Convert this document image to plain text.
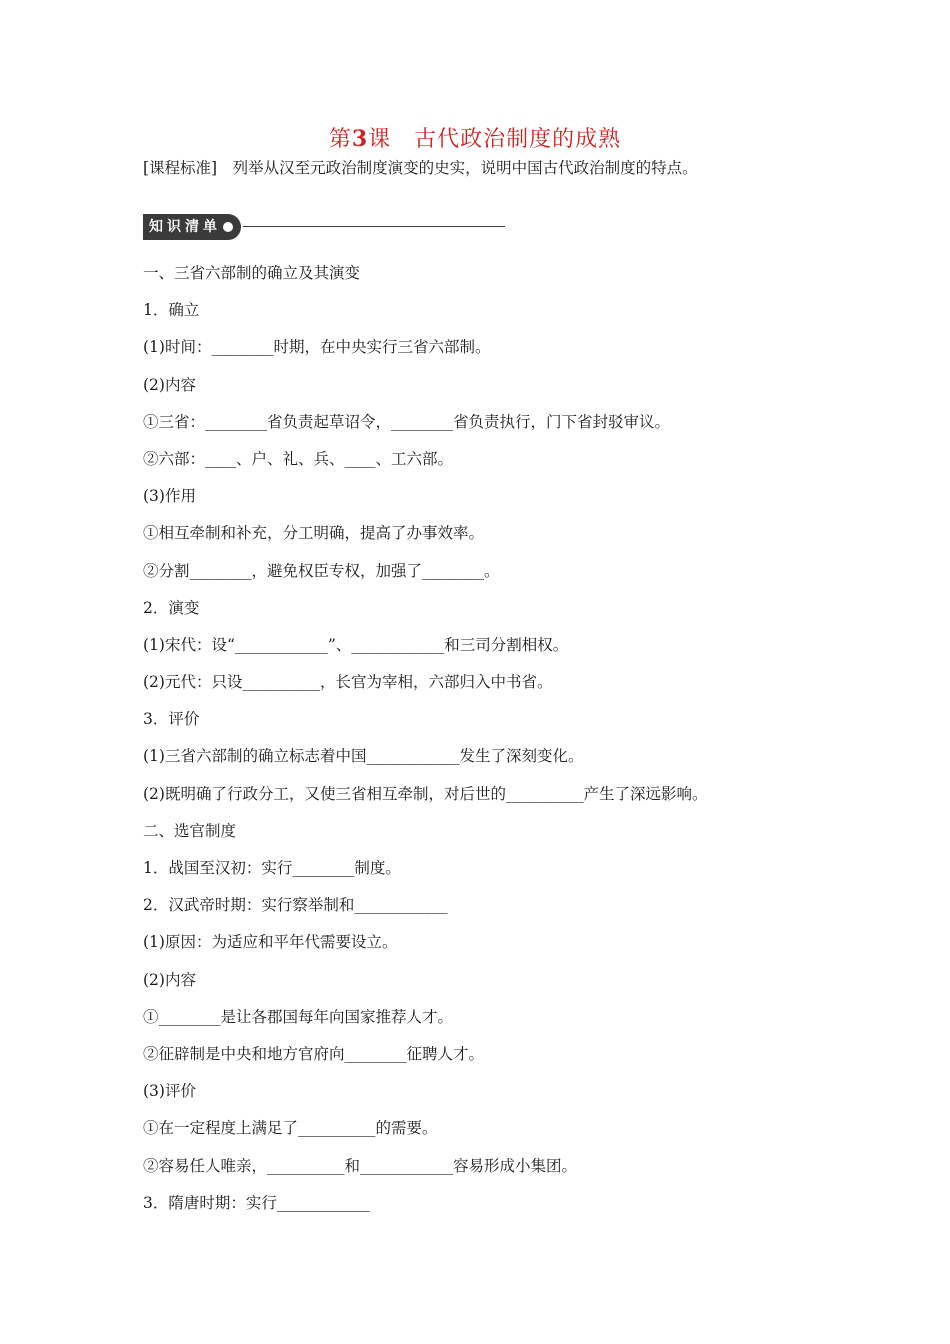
第3课　古代政治制度的成熟
[课程标准]　列举从汉至元政治制度演变的史实，说明中国古代政治制度的特点。
知识清单
一、三省六部制的确立及其演变
1．确立
(1)时间：________时期，在中央实行三省六部制。
(2)内容
①三省：________省负责起草诏令，________省负责执行，门下省封驳审议。
②六部：____、户、礼、兵、____、工六部。
(3)作用
①相互牵制和补充，分工明确，提高了办事效率。
②分割________，避免权臣专权，加强了________。
2．演变
(1)宋代：设“____________”、____________和三司分割相权。
(2)元代：只设__________，长官为宰相，六部归入中书省。
3．评价
(1)三省六部制的确立标志着中国____________发生了深刻变化。
(2)既明确了行政分工，又使三省相互牵制，对后世的__________产生了深远影响。
二、选官制度
1．战国至汉初：实行________制度。
2．汉武帝时期：实行察举制和____________
(1)原因：为适应和平年代需要设立。
(2)内容
①________是让各郡国每年向国家推荐人才。
②征辟制是中央和地方官府向________征聘人才。
(3)评价
①在一定程度上满足了__________的需要。
②容易任人唯亲，__________和____________容易形成小集团。
3．隋唐时期：实行____________
